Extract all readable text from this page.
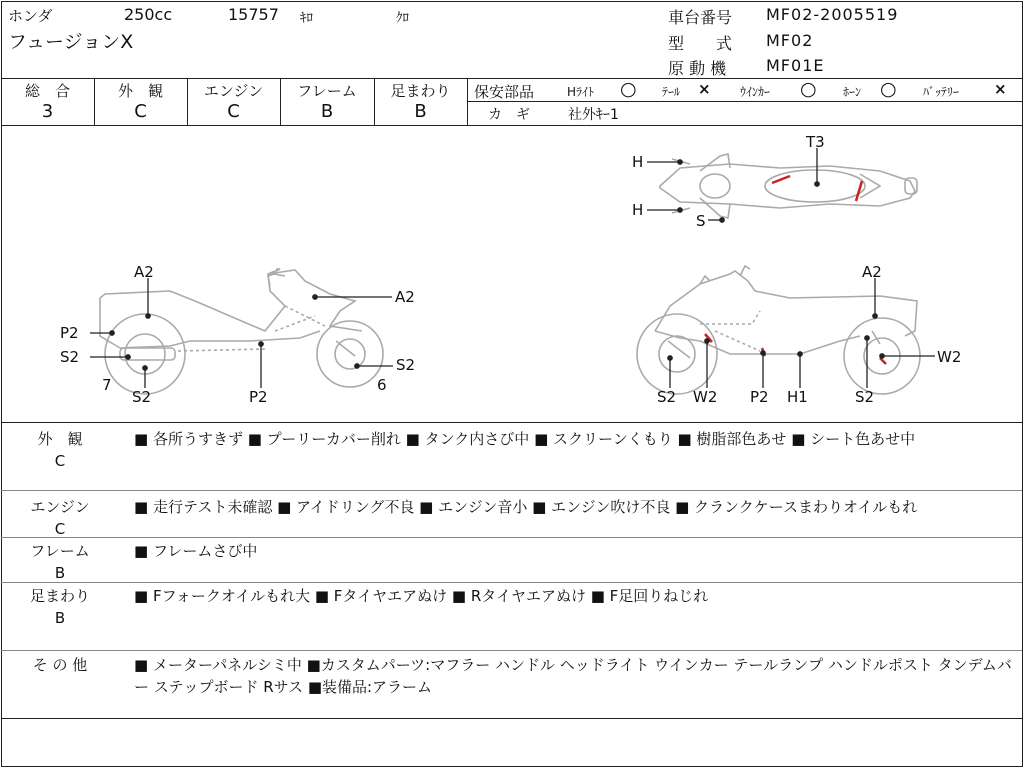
ホンダ	250cc	15757 ｷﾛ	ｸﾛ
フュージョンX
車台番号 MF02-2005519
型　　式 MF02
原 動 機 MF01E
総　合
3
外　観
C
エンジン
C
フレーム
B
足まわり
B
保安部品	Hﾗｲﾄ ○ ﾃｰﾙ × ｳｲﾝｶｰ ○ ﾎｰﾝ ○ ﾊﾞｯﾃﾘｰ ×
カ　ギ	社外ｷｰ1
H
H
S
T3
A2
A2
P2
S2	S2
7
S2	P2
6
A2
W2
S2 W2 P2 H1	S2
外　観
C
■ 各所うすきず ■ プーリーカバー削れ ■ タンク内さび中 ■ スクリーンくもり ■ 樹脂部色あせ ■ シート色あせ中
エンジン
C
■ 走行テスト未確認 ■ アイドリング不良 ■ エンジン音小 ■ エンジン吹け不良 ■ クランクケースまわりオイルもれ
フレーム
B
■ フレームさび中
足まわり
B
■ Fフォークオイルもれ大 ■ Fタイヤエアぬけ ■ Rタイヤエアぬけ ■ F足回りねじれ
そ の 他	■ メーターパネルシミ中 ■カスタムパーツ:マフラー ハンドル ヘッドライト ウインカー テールランプ ハンドルポスト タンデムバー ステップボード Rサス ■装備品:アラーム
